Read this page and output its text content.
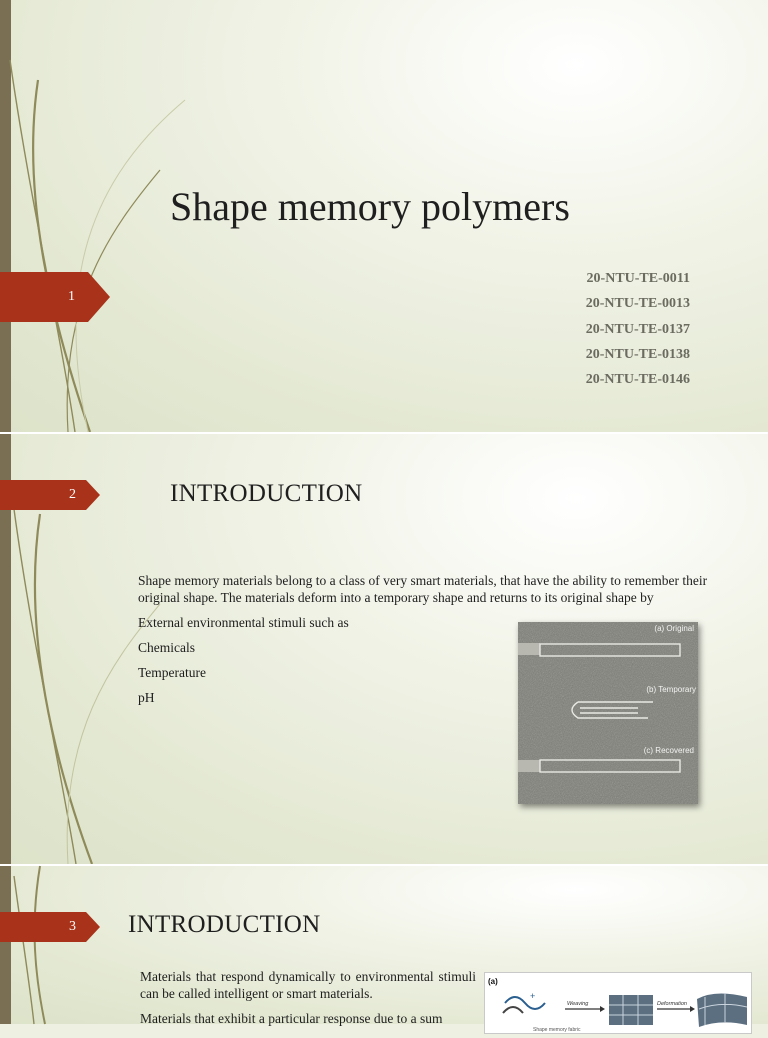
1
Shape memory polymers
20-NTU-TE-0011
20-NTU-TE-0013
20-NTU-TE-0137
20-NTU-TE-0138
20-NTU-TE-0146
2	INTRODUCTION
Shape memory materials belong to a class of very smart materials, that have the ability to remember their original shape. The materials deform into a temporary shape and returns to its original shape by
External environmental stimuli such as
Chemicals
Temperature
pH
(a) Original
(b) Temporary
(c) Recovered
3 INTRODUCTION
Materials that respond dynamically to environmental stimuli can be called intelligent or smart materials.
Materials that exhibit a particular response due to a sum
(a)
+
Weaving	Deformation
Shape memory fabric
